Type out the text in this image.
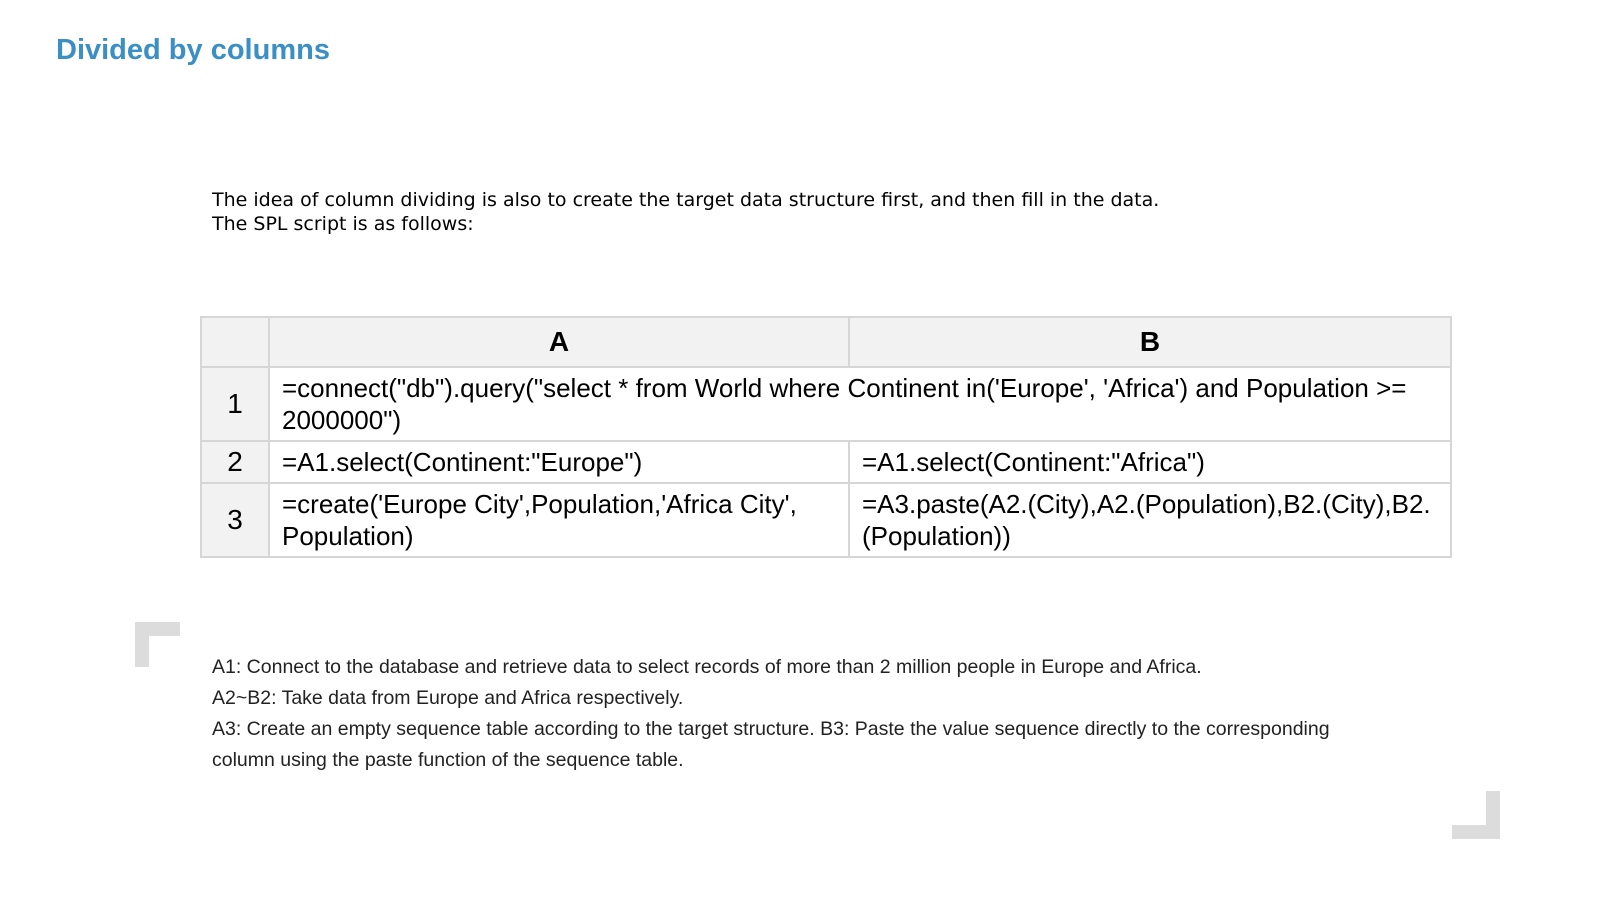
Divided by columns
The idea of column dividing is also to create the target data structure first, and then fill in the data.
The SPL script is as follows:
	A	B
1	=connect("db").query("select * from World where Continent in('Europe', 'Africa') and Population >= 2000000")	
2	=A1.select(Continent:"Europe")	=A1.select(Continent:"Africa")
3	=create('Europe City',Population,'Africa City', Population)	=A3.paste(A2.(City),A2.(Population),B2.(City),B2.(Population))
A1: Connect to the database and retrieve data to select records of more than 2 million people in Europe and Africa.
A2~B2: Take data from Europe and Africa respectively.
A3: Create an empty sequence table according to the target structure. B3: Paste the value sequence directly to the corresponding
column using the paste function of the sequence table.
